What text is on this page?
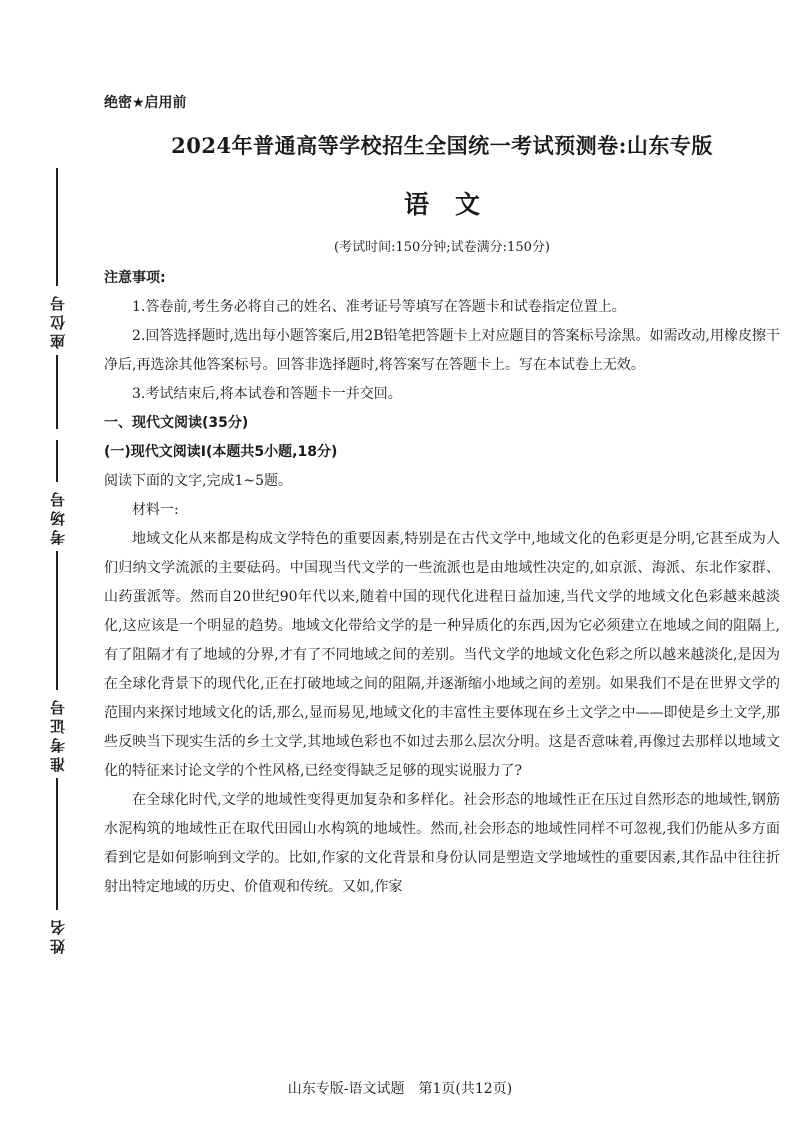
座位号
考场号
准考证号
姓名
绝密★启用前
2024年普通高等学校招生全国统一考试预测卷:山东专版
语文
(考试时间:150分钟;试卷满分:150分)

注意事项:

1.答卷前,考生务必将自己的姓名、准考证号等填写在答题卡和试卷指定位置上。

2.回答选择题时,选出每小题答案后,用2B铅笔把答题卡上对应题目的答案标号涂黑。如需改动,用橡皮擦干净后,再选涂其他答案标号。回答非选择题时,将答案写在答题卡上。写在本试卷上无效。

3.考试结束后,将本试卷和答题卡一并交回。

一、现代文阅读(35分)

(一)现代文阅读Ⅰ(本题共5小题,18分)

阅读下面的文字,完成1~5题。

材料一:

地域文化从来都是构成文学特色的重要因素,特别是在古代文学中,地域文化的色彩更是分明,它甚至成为人们归纳文学流派的主要砝码。中国现当代文学的一些流派也是由地域性决定的,如京派、海派、东北作家群、山药蛋派等。然而自20世纪90年代以来,随着中国的现代化进程日益加速,当代文学的地域文化色彩越来越淡化,这应该是一个明显的趋势。地域文化带给文学的是一种异质化的东西,因为它必须建立在地域之间的阻隔上,有了阻隔才有了地域的分界,才有了不同地域之间的差别。当代文学的地域文化色彩之所以越来越淡化,是因为在全球化背景下的现代化,正在打破地域之间的阻隔,并逐渐缩小地域之间的差别。如果我们不是在世界文学的范围内来探讨地域文化的话,那么,显而易见,地域文化的丰富性主要体现在乡土文学之中——即使是乡土文学,那些反映当下现实生活的乡土文学,其地域色彩也不如过去那么层次分明。这是否意味着,再像过去那样以地域文化的特征来讨论文学的个性风格,已经变得缺乏足够的现实说服力了?

在全球化时代,文学的地域性变得更加复杂和多样化。社会形态的地域性正在压过自然形态的地域性,钢筋水泥构筑的地域性正在取代田园山水构筑的地域性。然而,社会形态的地域性同样不可忽视,我们仍能从多方面看到它是如何影响到文学的。比如,作家的文化背景和身份认同是塑造文学地域性的重要因素,其作品中往往折射出特定地域的历史、价值观和传统。又如,作家

山东专版-语文试题　第1页(共12页)
